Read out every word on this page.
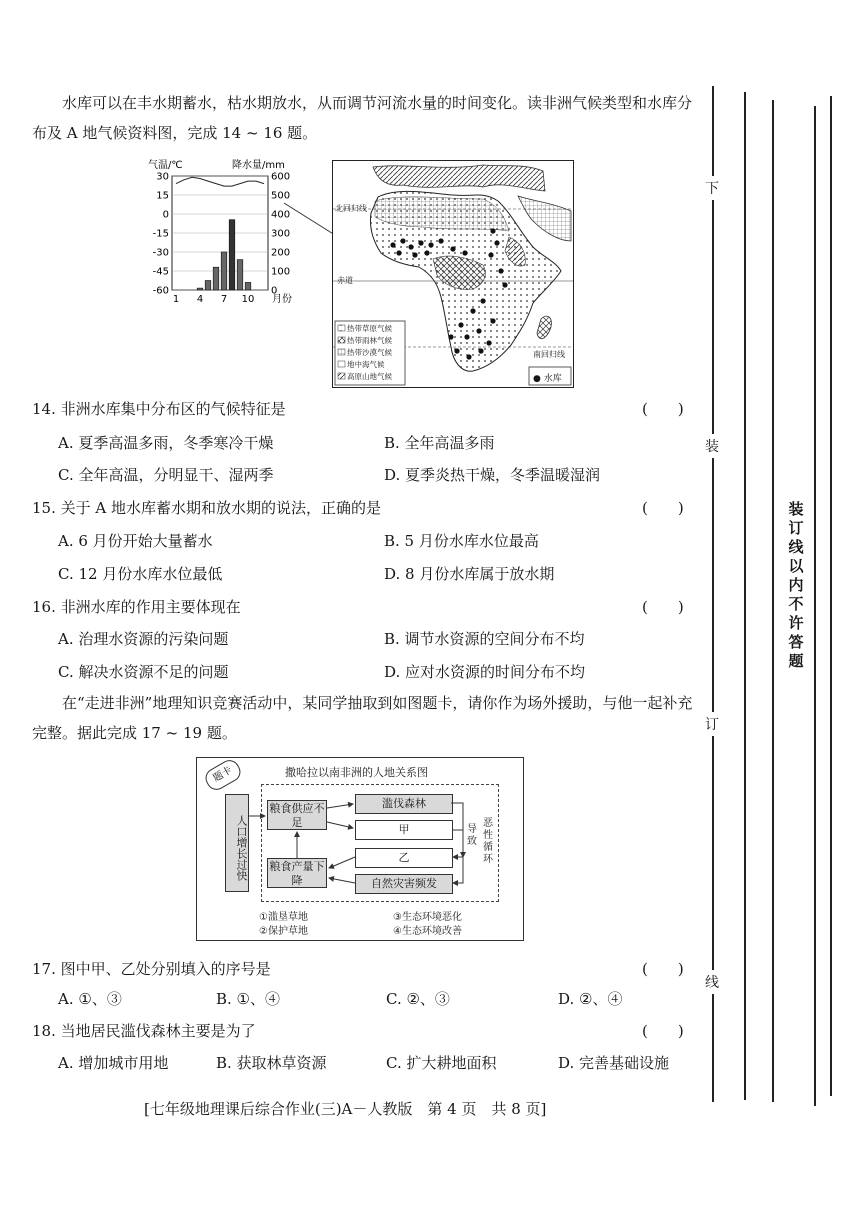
水库可以在丰水期蓄水，枯水期放水，从而调节河流水量的时间变化。读非洲气候类型和水库分布及 A 地气候资料图，完成 14 ~ 16 题。
气温/℃	降水量/mm
30	600
15	500
0	400
-15	300
-30	200
-45	100
-60	0
1 4 7 10 月份
北回归线
赤道
南回归线
热带草原气候
热带雨林气候
热带沙漠气候
地中海气候
高原山地气候	● 水库
14. 非洲水库集中分布区的气候特征是	(　　)
A. 夏季高温多雨，冬季寒冷干燥	B. 全年高温多雨
C. 全年高温，分明显干、湿两季	D. 夏季炎热干燥，冬季温暖湿润
15. 关于 A 地水库蓄水期和放水期的说法，正确的是	(　　)
A. 6 月份开始大量蓄水	B. 5 月份水库水位最高
C. 12 月份水库水位最低	D. 8 月份水库属于放水期
16. 非洲水库的作用主要体现在	(　　)
A. 治理水资源的污染问题	B. 调节水资源的空间分布不均
C. 解决水资源不足的问题	D. 应对水资源的时间分布不均
在“走进非洲”地理知识竞赛活动中，某同学抽取到如图题卡，请你作为场外援助，与他一起补充完整。据此完成 17 ~ 19 题。
题卡	撒哈拉以南非洲的人地关系图
人口增长过快
粮食供应不足
粮食产量下降
滥伐森林
甲
乙
自然灾害频发
导致
恶性循环
①滥垦草地
②保护草地
③生态环境恶化
④生态环境改善
17. 图中甲、乙处分别填入的序号是	(　　)
A. ①、③	B. ①、④	C. ②、③	D. ②、④
18. 当地居民滥伐森林主要是为了	(　　)
A. 增加城市用地	B. 获取林草资源	C. 扩大耕地面积	D. 完善基础设施
[七年级地理课后综合作业(三)A－人教版　第 4 页　共 8 页]
下
装
订
线
装订线以内不许答题
